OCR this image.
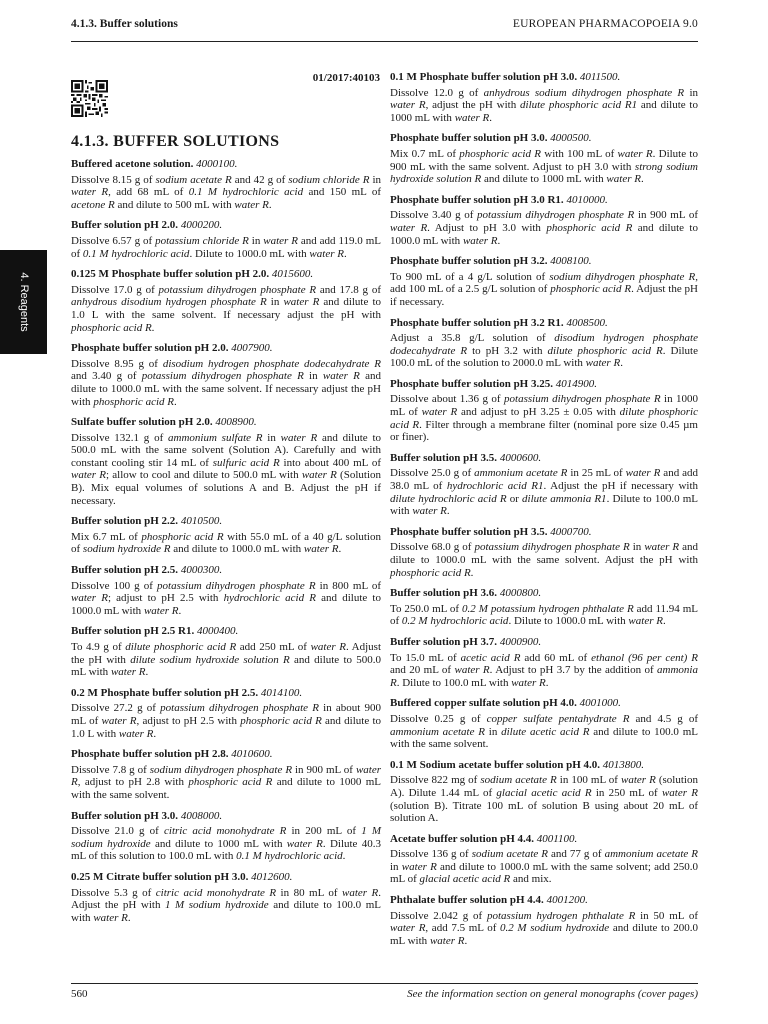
4.1.3. Buffer solutions	EUROPEAN PHARMACOPOEIA 9.0
4. Reagents
01/2017:40103
4.1.3. BUFFER SOLUTIONS
Buffered acetone solution. 4000100.
Dissolve 8.15 g of sodium acetate R and 42 g of sodium chloride R in water R, add 68 mL of 0.1 M hydrochloric acid and 150 mL of acetone R and dilute to 500 mL with water R.
Buffer solution pH 2.0. 4000200.
Dissolve 6.57 g of potassium chloride R in water R and add 119.0 mL of 0.1 M hydrochloric acid. Dilute to 1000.0 mL with water R.
0.125 M Phosphate buffer solution pH 2.0. 4015600.
Dissolve 17.0 g of potassium dihydrogen phosphate R and 17.8 g of anhydrous disodium hydrogen phosphate R in water R and dilute to 1.0 L with the same solvent. If necessary adjust the pH with phosphoric acid R.
Phosphate buffer solution pH 2.0. 4007900.
Dissolve 8.95 g of disodium hydrogen phosphate dodecahydrate R and 3.40 g of potassium dihydrogen phosphate R in water R and dilute to 1000.0 mL with the same solvent. If necessary adjust the pH with phosphoric acid R.
Sulfate buffer solution pH 2.0. 4008900.
Dissolve 132.1 g of ammonium sulfate R in water R and dilute to 500.0 mL with the same solvent (Solution A). Carefully and with constant cooling stir 14 mL of sulfuric acid R into about 400 mL of water R; allow to cool and dilute to 500.0 mL with water R (Solution B). Mix equal volumes of solutions A and B. Adjust the pH if necessary.
Buffer solution pH 2.2. 4010500.
Mix 6.7 mL of phosphoric acid R with 55.0 mL of a 40 g/L solution of sodium hydroxide R and dilute to 1000.0 mL with water R.
Buffer solution pH 2.5. 4000300.
Dissolve 100 g of potassium dihydrogen phosphate R in 800 mL of water R; adjust to pH 2.5 with hydrochloric acid R and dilute to 1000.0 mL with water R.
Buffer solution pH 2.5 R1. 4000400.
To 4.9 g of dilute phosphoric acid R add 250 mL of water R. Adjust the pH with dilute sodium hydroxide solution R and dilute to 500.0 mL with water R.
0.2 M Phosphate buffer solution pH 2.5. 4014100.
Dissolve 27.2 g of potassium dihydrogen phosphate R in about 900 mL of water R, adjust to pH 2.5 with phosphoric acid R and dilute to 1.0 L with water R.
Phosphate buffer solution pH 2.8. 4010600.
Dissolve 7.8 g of sodium dihydrogen phosphate R in 900 mL of water R, adjust to pH 2.8 with phosphoric acid R and dilute to 1000 mL with the same solvent.
Buffer solution pH 3.0. 4008000.
Dissolve 21.0 g of citric acid monohydrate R in 200 mL of 1 M sodium hydroxide and dilute to 1000 mL with water R. Dilute 40.3 mL of this solution to 100.0 mL with 0.1 M hydrochloric acid.
0.25 M Citrate buffer solution pH 3.0. 4012600.
Dissolve 5.3 g of citric acid monohydrate R in 80 mL of water R. Adjust the pH with 1 M sodium hydroxide and dilute to 100.0 mL with water R.
0.1 M Phosphate buffer solution pH 3.0. 4011500.
Dissolve 12.0 g of anhydrous sodium dihydrogen phosphate R in water R, adjust the pH with dilute phosphoric acid R1 and dilute to 1000 mL with water R.
Phosphate buffer solution pH 3.0. 4000500.
Mix 0.7 mL of phosphoric acid R with 100 mL of water R. Dilute to 900 mL with the same solvent. Adjust to pH 3.0 with strong sodium hydroxide solution R and dilute to 1000 mL with water R.
Phosphate buffer solution pH 3.0 R1. 4010000.
Dissolve 3.40 g of potassium dihydrogen phosphate R in 900 mL of water R. Adjust to pH 3.0 with phosphoric acid R and dilute to 1000.0 mL with water R.
Phosphate buffer solution pH 3.2. 4008100.
To 900 mL of a 4 g/L solution of sodium dihydrogen phosphate R, add 100 mL of a 2.5 g/L solution of phosphoric acid R. Adjust the pH if necessary.
Phosphate buffer solution pH 3.2 R1. 4008500.
Adjust a 35.8 g/L solution of disodium hydrogen phosphate dodecahydrate R to pH 3.2 with dilute phosphoric acid R. Dilute 100.0 mL of the solution to 2000.0 mL with water R.
Phosphate buffer solution pH 3.25. 4014900.
Dissolve about 1.36 g of potassium dihydrogen phosphate R in 1000 mL of water R and adjust to pH 3.25 ± 0.05 with dilute phosphoric acid R. Filter through a membrane filter (nominal pore size 0.45 µm or finer).
Buffer solution pH 3.5. 4000600.
Dissolve 25.0 g of ammonium acetate R in 25 mL of water R and add 38.0 mL of hydrochloric acid R1. Adjust the pH if necessary with dilute hydrochloric acid R or dilute ammonia R1. Dilute to 100.0 mL with water R.
Phosphate buffer solution pH 3.5. 4000700.
Dissolve 68.0 g of potassium dihydrogen phosphate R in water R and dilute to 1000.0 mL with the same solvent. Adjust the pH with phosphoric acid R.
Buffer solution pH 3.6. 4000800.
To 250.0 mL of 0.2 M potassium hydrogen phthalate R add 11.94 mL of 0.2 M hydrochloric acid. Dilute to 1000.0 mL with water R.
Buffer solution pH 3.7. 4000900.
To 15.0 mL of acetic acid R add 60 mL of ethanol (96 per cent) R and 20 mL of water R. Adjust to pH 3.7 by the addition of ammonia R. Dilute to 100.0 mL with water R.
Buffered copper sulfate solution pH 4.0. 4001000.
Dissolve 0.25 g of copper sulfate pentahydrate R and 4.5 g of ammonium acetate R in dilute acetic acid R and dilute to 100.0 mL with the same solvent.
0.1 M Sodium acetate buffer solution pH 4.0. 4013800.
Dissolve 822 mg of sodium acetate R in 100 mL of water R (solution A). Dilute 1.44 mL of glacial acetic acid R in 250 mL of water R (solution B). Titrate 100 mL of solution B using about 20 mL of solution A.
Acetate buffer solution pH 4.4. 4001100.
Dissolve 136 g of sodium acetate R and 77 g of ammonium acetate R in water R and dilute to 1000.0 mL with the same solvent; add 250.0 mL of glacial acetic acid R and mix.
Phthalate buffer solution pH 4.4. 4001200.
Dissolve 2.042 g of potassium hydrogen phthalate R in 50 mL of water R, add 7.5 mL of 0.2 M sodium hydroxide and dilute to 200.0 mL with water R.
560	See the information section on general monographs (cover pages)
